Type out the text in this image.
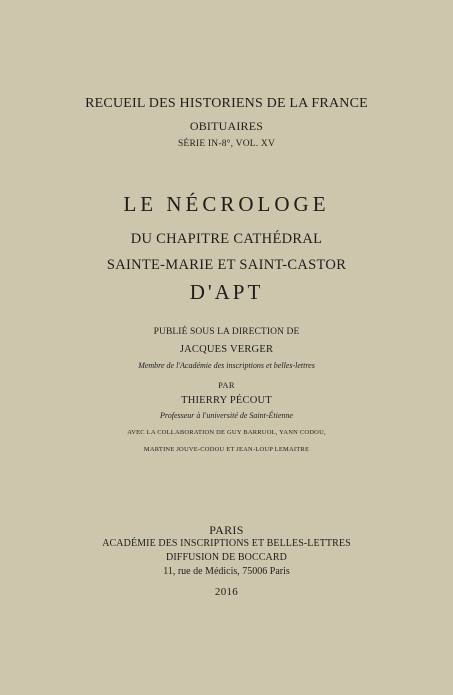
RECUEIL DES HISTORIENS DE LA FRANCE
OBITUAIRES
SÉRIE IN-8°, VOL. XV
LE NÉCROLOGE
DU CHAPITRE CATHÉDRAL
SAINTE-MARIE ET SAINT-CASTOR
D'APT
PUBLIÉ SOUS LA DIRECTION DE
JACQUES VERGER
Membre de l'Académie des inscriptions et belles-lettres
PAR
THIERRY PÉCOUT
Professeur à l'université de Saint-Étienne
AVEC LA COLLABORATION DE GUY BARRUOL, YANN CODOU,
MARTINE JOUVE-CODOU ET JEAN-LOUP LEMAITRE
PARIS
ACADÉMIE DES INSCRIPTIONS ET BELLES-LETTRES
DIFFUSION DE BOCCARD
11, rue de Médicis, 75006 Paris
2016
